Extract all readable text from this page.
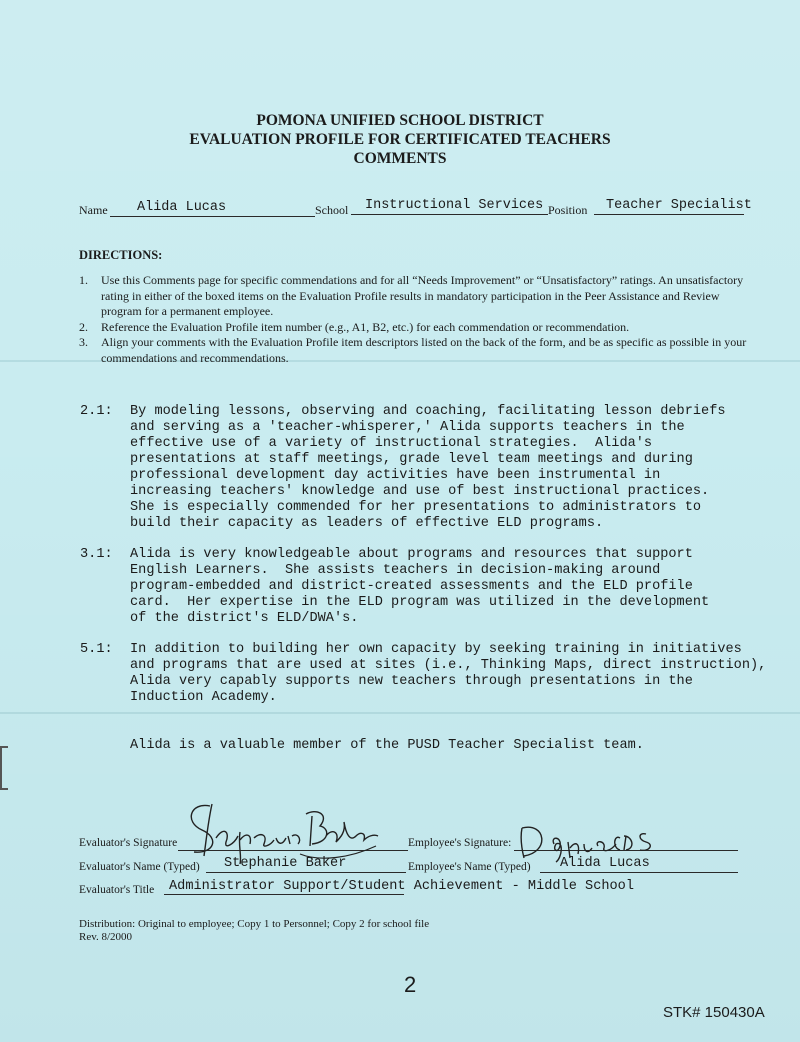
POMONA UNIFIED SCHOOL DISTRICT
EVALUATION PROFILE FOR CERTIFICATED TEACHERS
COMMENTS
Name Alida Lucas	School Instructional Services Position Teacher Specialist
DIRECTIONS:
1. Use this Comments page for specific commendations and for all “Needs Improvement” or “Unsatisfactory” ratings. An unsatisfactory rating in either of the boxed items on the Evaluation Profile results in mandatory participation in the Peer Assistance and Review program for a permanent employee.
2. Reference the Evaluation Profile item number (e.g., A1, B2, etc.) for each commendation or recommendation.
3. Align your comments with the Evaluation Profile item descriptors listed on the back of the form, and be as specific as possible in your commendations and recommendations.

2.1:

By modeling lessons, observing and coaching, facilitating lesson debriefs
and serving as a 'teacher-whisperer,' Alida supports teachers in the
effective use of a variety of instructional strategies.  Alida's
presentations at staff meetings, grade level team meetings and during
professional development day activities have been instrumental in
increasing teachers' knowledge and use of best instructional practices.
She is especially commended for her presentations to administrators to
build their capacity as leaders of effective ELD programs.

3.1:

Alida is very knowledgeable about programs and resources that support
English Learners.  She assists teachers in decision-making around
program-embedded and district-created assessments and the ELD profile
card.  Her expertise in the ELD program was utilized in the development
of the district's ELD/DWA's.

5.1:

In addition to building her own capacity by seeking training in initiatives
and programs that are used at sites (i.e., Thinking Maps, direct instruction),
Alida very capably supports new teachers through presentations in the
Induction Academy.

Alida is a valuable member of the PUSD Teacher Specialist team.
Evaluator's Signature	Employee's Signature:
Evaluator's Name (Typed) Stephanie Baker	Employee's Name (Typed) Alida Lucas
Evaluator's Title Administrator Support/Student Achievement - Middle School
Distribution: Original to employee; Copy 1 to Personnel; Copy 2 for school file
Rev. 8/2000
2
STK# 150430A
